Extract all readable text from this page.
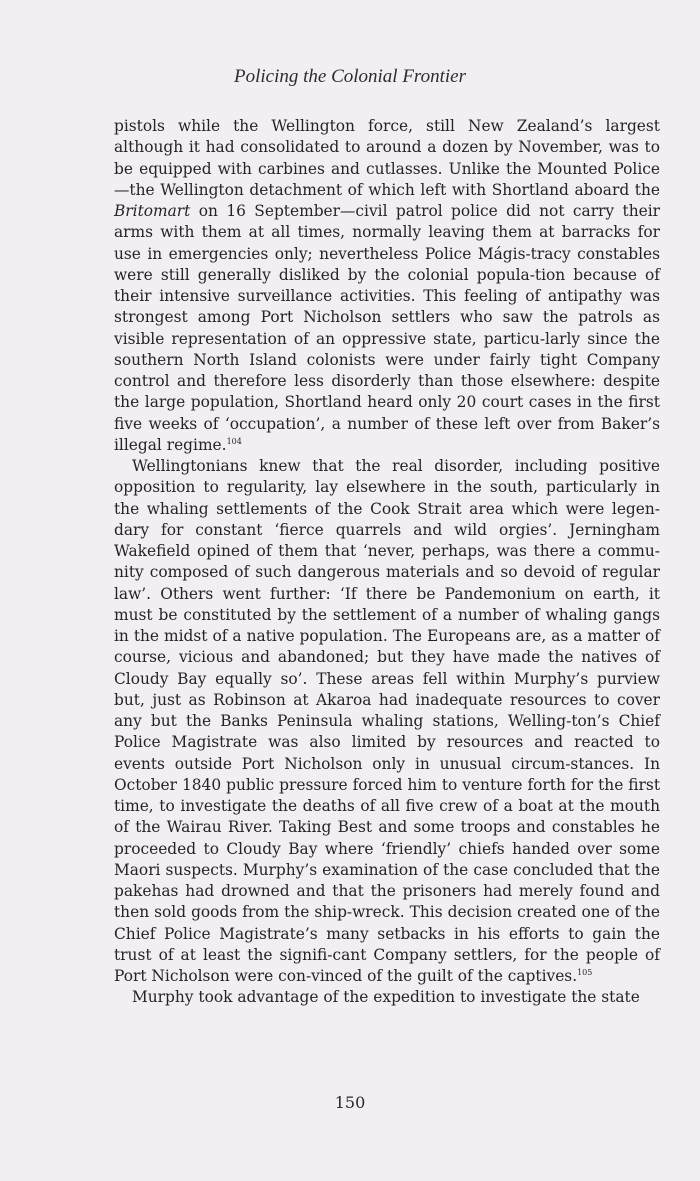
Policing the Colonial Frontier

pistols while the Wellington force, still New Zealand’s largest although it had consolidated to around a dozen by November, was to be equipped with carbines and cutlasses. Unlike the Mounted Police—the Wellington detachment of which left with Shortland aboard the Britomart on 16 September—civil patrol police did not carry their arms with them at all times, normally leaving them at barracks for use in emergencies only; nevertheless Police Mágis-tracy constables were still generally disliked by the colonial popula-tion because of their intensive surveillance activities. This feeling of antipathy was strongest among Port Nicholson settlers who saw the patrols as visible representation of an oppressive state, particu-larly since the southern North Island colonists were under fairly tight Company control and therefore less disorderly than those elsewhere: despite the large population, Shortland heard only 20 court cases in the first five weeks of ‘occupation’, a number of these left over from Baker’s illegal regime.$^{104}$

Wellingtonians knew that the real disorder, including positive opposition to regularity, lay elsewhere in the south, particularly in the whaling settlements of the Cook Strait area which were legen-dary for constant ‘fierce quarrels and wild orgies’. Jerningham Wakefield opined of them that ‘never, perhaps, was there a commu-nity composed of such dangerous materials and so devoid of regular law’. Others went further: ‘If there be Pandemonium on earth, it must be constituted by the settlement of a number of whaling gangs in the midst of a native population. The Europeans are, as a matter of course, vicious and abandoned; but they have made the natives of Cloudy Bay equally so’. These areas fell within Murphy’s purview but, just as Robinson at Akaroa had inadequate resources to cover any but the Banks Peninsula whaling stations, Welling-ton’s Chief Police Magistrate was also limited by resources and reacted to events outside Port Nicholson only in unusual circum-stances. In October 1840 public pressure forced him to venture forth for the first time, to investigate the deaths of all five crew of a boat at the mouth of the Wairau River. Taking Best and some troops and constables he proceeded to Cloudy Bay where ‘friendly’ chiefs handed over some Maori suspects. Murphy’s examination of the case concluded that the pakehas had drowned and that the prisoners had merely found and then sold goods from the ship-wreck. This decision created one of the Chief Police Magistrate’s many setbacks in his efforts to gain the trust of at least the signifi-cant Company settlers, for the people of Port Nicholson were con-vinced of the guilt of the captives.$^{105}$

Murphy took advantage of the expedition to investigate the state

150
